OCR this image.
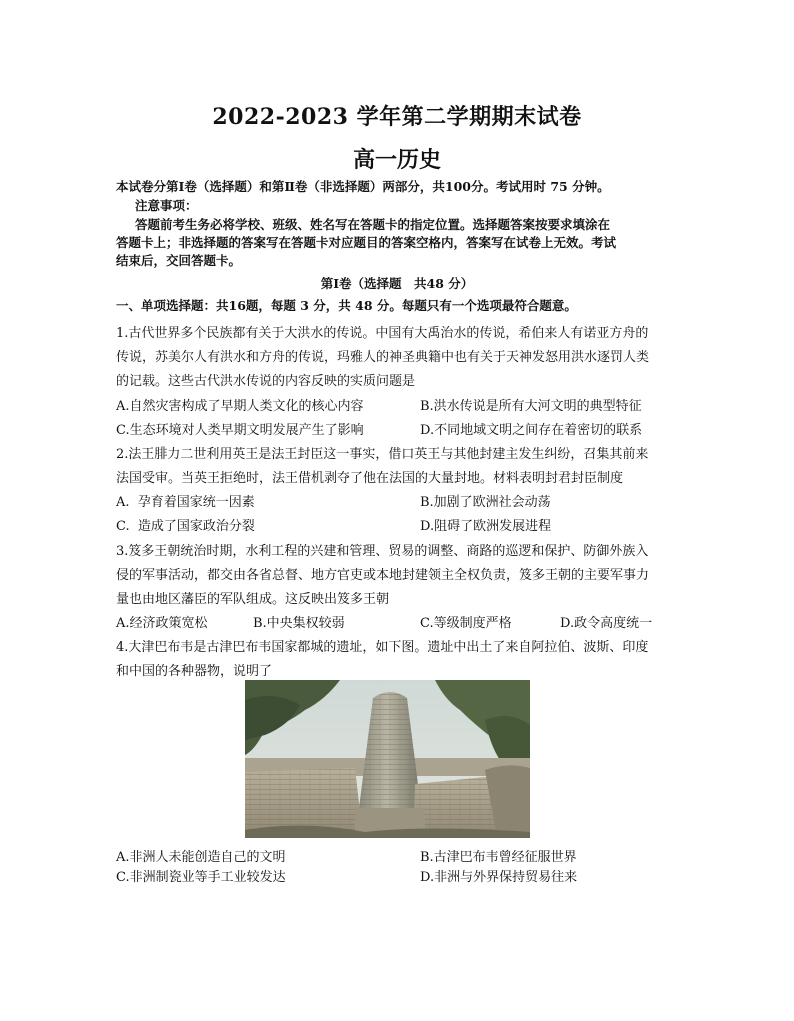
2022-2023 学年第二学期期末试卷
高一历史
本试卷分第Ⅰ卷（选择题）和第Ⅱ卷（非选择题）两部分，共100分。考试用时 75 分钟。
注意事项：
答题前考生务必将学校、班级、姓名写在答题卡的指定位置。选择题答案按要求填涂在
答题卡上；非选择题的答案写在答题卡对应题目的答案空格内，答案写在试卷上无效。考试
结束后，交回答题卡。
第Ⅰ卷（选择题　共48 分）
一、单项选择题：共16题，每题 3 分，共 48 分。每题只有一个选项最符合题意。
1.古代世界多个民族都有关于大洪水的传说。中国有大禹治水的传说，希伯来人有诺亚方舟的
传说，苏美尔人有洪水和方舟的传说，玛雅人的神圣典籍中也有关于天神发怒用洪水逐罚人类
的记载。这些古代洪水传说的内容反映的实质问题是
A.自然灾害构成了早期人类文化的核心内容	B.洪水传说是所有大河文明的典型特征
C.生态环境对人类早期文明发展产生了影响	D.不同地域文明之间存在着密切的联系
2.法王腓力二世利用英王是法王封臣这一事实，借口英王与其他封建主发生纠纷，召集其前来
法国受审。当英王拒绝时，法王借机剥夺了他在法国的大量封地。材料表明封君封臣制度
A.  孕育着国家统一因素	B.加剧了欧洲社会动荡
C.  造成了国家政治分裂	D.阻碍了欧洲发展进程
3.笈多王朝统治时期，水利工程的兴建和管理、贸易的调整、商路的巡逻和保护、防御外族入
侵的军事活动，都交由各省总督、地方官吏或本地封建领主全权负责，笈多王朝的主要军事力
量也由地区藩臣的军队组成。这反映出笈多王朝
A.经济政策宽松	B.中央集权较弱	C.等级制度严格	D.政令高度统一
4.大津巴布韦是古津巴布韦国家都城的遗址，如下图。遗址中出土了来自阿拉伯、波斯、印度
和中国的各种器物，说明了
A.非洲人未能创造自己的文明	B.古津巴布韦曾经征服世界
C.非洲制瓷业等手工业较发达	D.非洲与外界保持贸易往来
